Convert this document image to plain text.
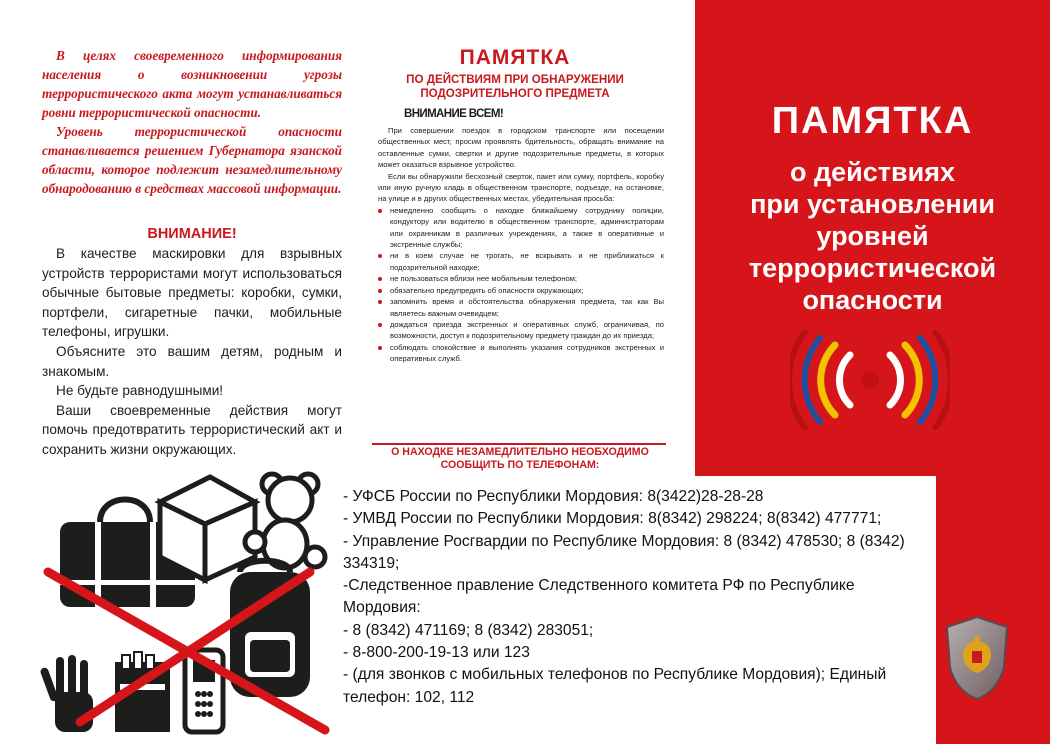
В целях своевременного информирования населения о возникновении угрозы террористического акта могут устанавливаться ровни террористической опасности.

Уровень террористической опасности станавливается решением Губернатора язанской области, которое подлежит незамедлительному обнародованию в средствах массовой информации.

ВНИМАНИЕ!

В качестве маскировки для взрывных устройств террористами могут использоваться обычные бытовые предметы: коробки, сумки, портфели, сигаретные пачки, мобильные телефоны, игрушки.

Объясните это вашим детям, родным и знакомым.

Не будьте равнодушными!

Ваши своевременные действия могут помочь предотвратить террористический акт и сохранить жизни окружающих.

ПАМЯТКА
ПО ДЕЙСТВИЯМ ПРИ ОБНАРУЖЕНИИ
ПОДОЗРИТЕЛЬНОГО ПРЕДМЕТА
ВНИМАНИЕ ВСЕМ!

При совершении поездок в городском транспорте или посещении общественных мест, просим проявлять бдительность, обращать внимание на оставленные сумки, свертки и другие подозрительные предметы, в которых может оказаться взрывное устройство.

Если вы обнаружили бесхозный сверток, пакет или сумку, портфель, коробку или иную ручную кладь в общественном транспорте, подъезде, на остановке, на улице и в других общественных местах, убедительная просьба:

немедленно сообщить о находке ближайшему сотруднику полиции, кондуктору или водителю в общественном транспорте, администраторам или охранникам в различных учреждениях, а также в оперативные и экстренные службы;
ни в коем случае не трогать, не вскрывать и не приближаться к подозрительной находке;
не пользоваться вблизи нее мобильным телефоном;
обязательно предупредить об опасности окружающих;
запомнить время и обстоятельства обнаружения предмета, так как Вы являетесь важным очевидцем;
дождаться приезда экстренных и оперативных служб, ограничивая, по возможности, доступ к подозрительному предмету граждан до их приезда;
соблюдать спокойствие и выполнять указания сотрудников экстренных и оперативных служб.
О НАХОДКЕ НЕЗАМЕДЛИТЕЛЬНО НЕОБХОДИМО
СООБЩИТЬ ПО ТЕЛЕФОНАМ:
ПАМЯТКА
о действиях
при установлении
уровней
террористической
опасности
- УФСБ России по Республики Мордовия: 8(3422)28-28-28
- УМВД России по Республики Мордовия: 8(8342) 298224; 8(8342) 477771;
- Управление Росгвардии по Республике Мордовия: 8 (8342) 478530; 8 (8342) 334319;
-Следственное правление Следственного комитета РФ по Республике Мордовия:
- 8 (8342) 471169; 8 (8342) 283051;
- 8-800-200-19-13 или 123
- (для звонков с мобильных телефонов по Республике Мордовия); Единый телефон: 102, 112
